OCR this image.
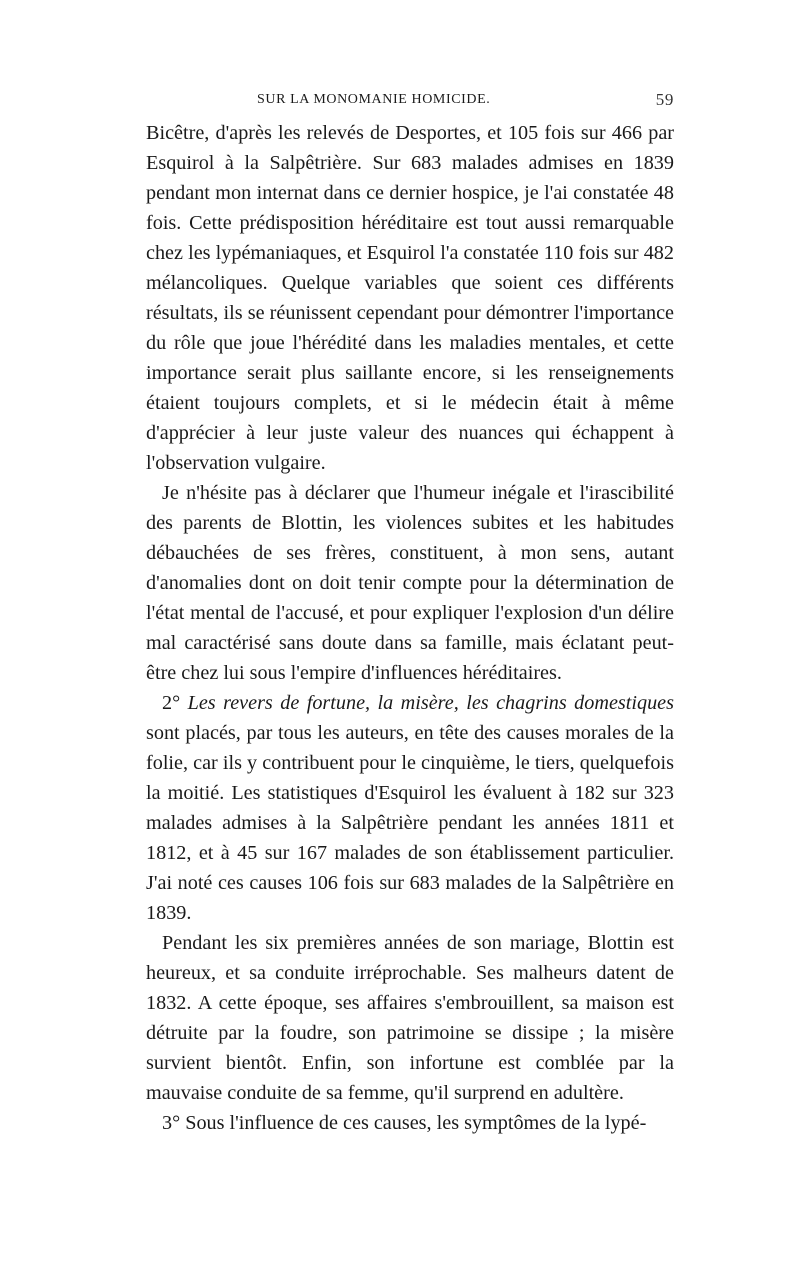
SUR LA MONOMANIE HOMICIDE.	59

Bicêtre, d'après les relevés de Desportes, et 105 fois sur 466 par Esquirol à la Salpêtrière. Sur 683 malades admises en 1839 pendant mon internat dans ce dernier hospice, je l'ai constatée 48 fois. Cette prédisposition héréditaire est tout aussi remarquable chez les lypémaniaques, et Esquirol l'a constatée 110 fois sur 482 mélancoliques. Quelque variables que soient ces différents résultats, ils se réunissent cependant pour démontrer l'importance du rôle que joue l'hérédité dans les maladies mentales, et cette importance serait plus saillante encore, si les renseignements étaient toujours complets, et si le médecin était à même d'apprécier à leur juste valeur des nuances qui échappent à l'observation vulgaire.

Je n'hésite pas à déclarer que l'humeur inégale et l'irascibilité des parents de Blottin, les violences subites et les habitudes débauchées de ses frères, constituent, à mon sens, autant d'anomalies dont on doit tenir compte pour la détermination de l'état mental de l'accusé, et pour expliquer l'explosion d'un délire mal caractérisé sans doute dans sa famille, mais éclatant peut-être chez lui sous l'empire d'influences héréditaires.

2° Les revers de fortune, la misère, les chagrins domestiques sont placés, par tous les auteurs, en tête des causes morales de la folie, car ils y contribuent pour le cinquième, le tiers, quelquefois la moitié. Les statistiques d'Esquirol les évaluent à 182 sur 323 malades admises à la Salpêtrière pendant les années 1811 et 1812, et à 45 sur 167 malades de son établissement particulier. J'ai noté ces causes 106 fois sur 683 malades de la Salpêtrière en 1839.

Pendant les six premières années de son mariage, Blottin est heureux, et sa conduite irréprochable. Ses malheurs datent de 1832. A cette époque, ses affaires s'embrouillent, sa maison est détruite par la foudre, son patrimoine se dissipe ; la misère survient bientôt. Enfin, son infortune est comblée par la mauvaise conduite de sa femme, qu'il surprend en adultère.

3° Sous l'influence de ces causes, les symptômes de la lypé-
